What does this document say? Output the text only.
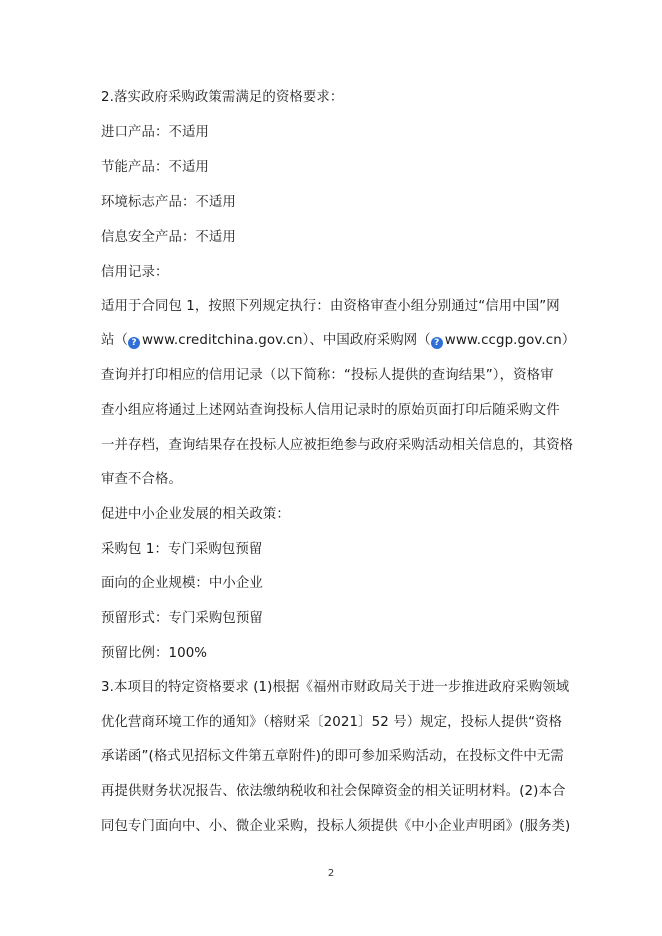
2.落实政府采购政策需满足的资格要求：
进口产品：不适用
节能产品：不适用
环境标志产品：不适用
信息安全产品：不适用
信用记录：
适用于合同包 1，按照下列规定执行：由资格审查小组分别通过“信用中国”网
站（ ? www.creditchina.gov.cn）、中国政府采购网（ ? www.ccgp.gov.cn）
查询并打印相应的信用记录（以下简称：“投标人提供的查询结果”），资格审
查小组应将通过上述网站查询投标人信用记录时的原始页面打印后随采购文件
一并存档，查询结果存在投标人应被拒绝参与政府采购活动相关信息的，其资格
审查不合格。
促进中小企业发展的相关政策：
采购包 1：专门采购包预留
面向的企业规模：中小企业
预留形式：专门采购包预留
预留比例：100%
3.本项目的特定资格要求 (1)根据《福州市财政局关于进一步推进政府采购领域
优化营商环境工作的通知》（榕财采〔2021〕52 号）规定，投标人提供“资格
承诺函”(格式见招标文件第五章附件)的即可参加采购活动，在投标文件中无需
再提供财务状况报告、依法缴纳税收和社会保障资金的相关证明材料。(2)本合
同包专门面向中、小、微企业采购，投标人须提供《中小企业声明函》(服务类)
2
